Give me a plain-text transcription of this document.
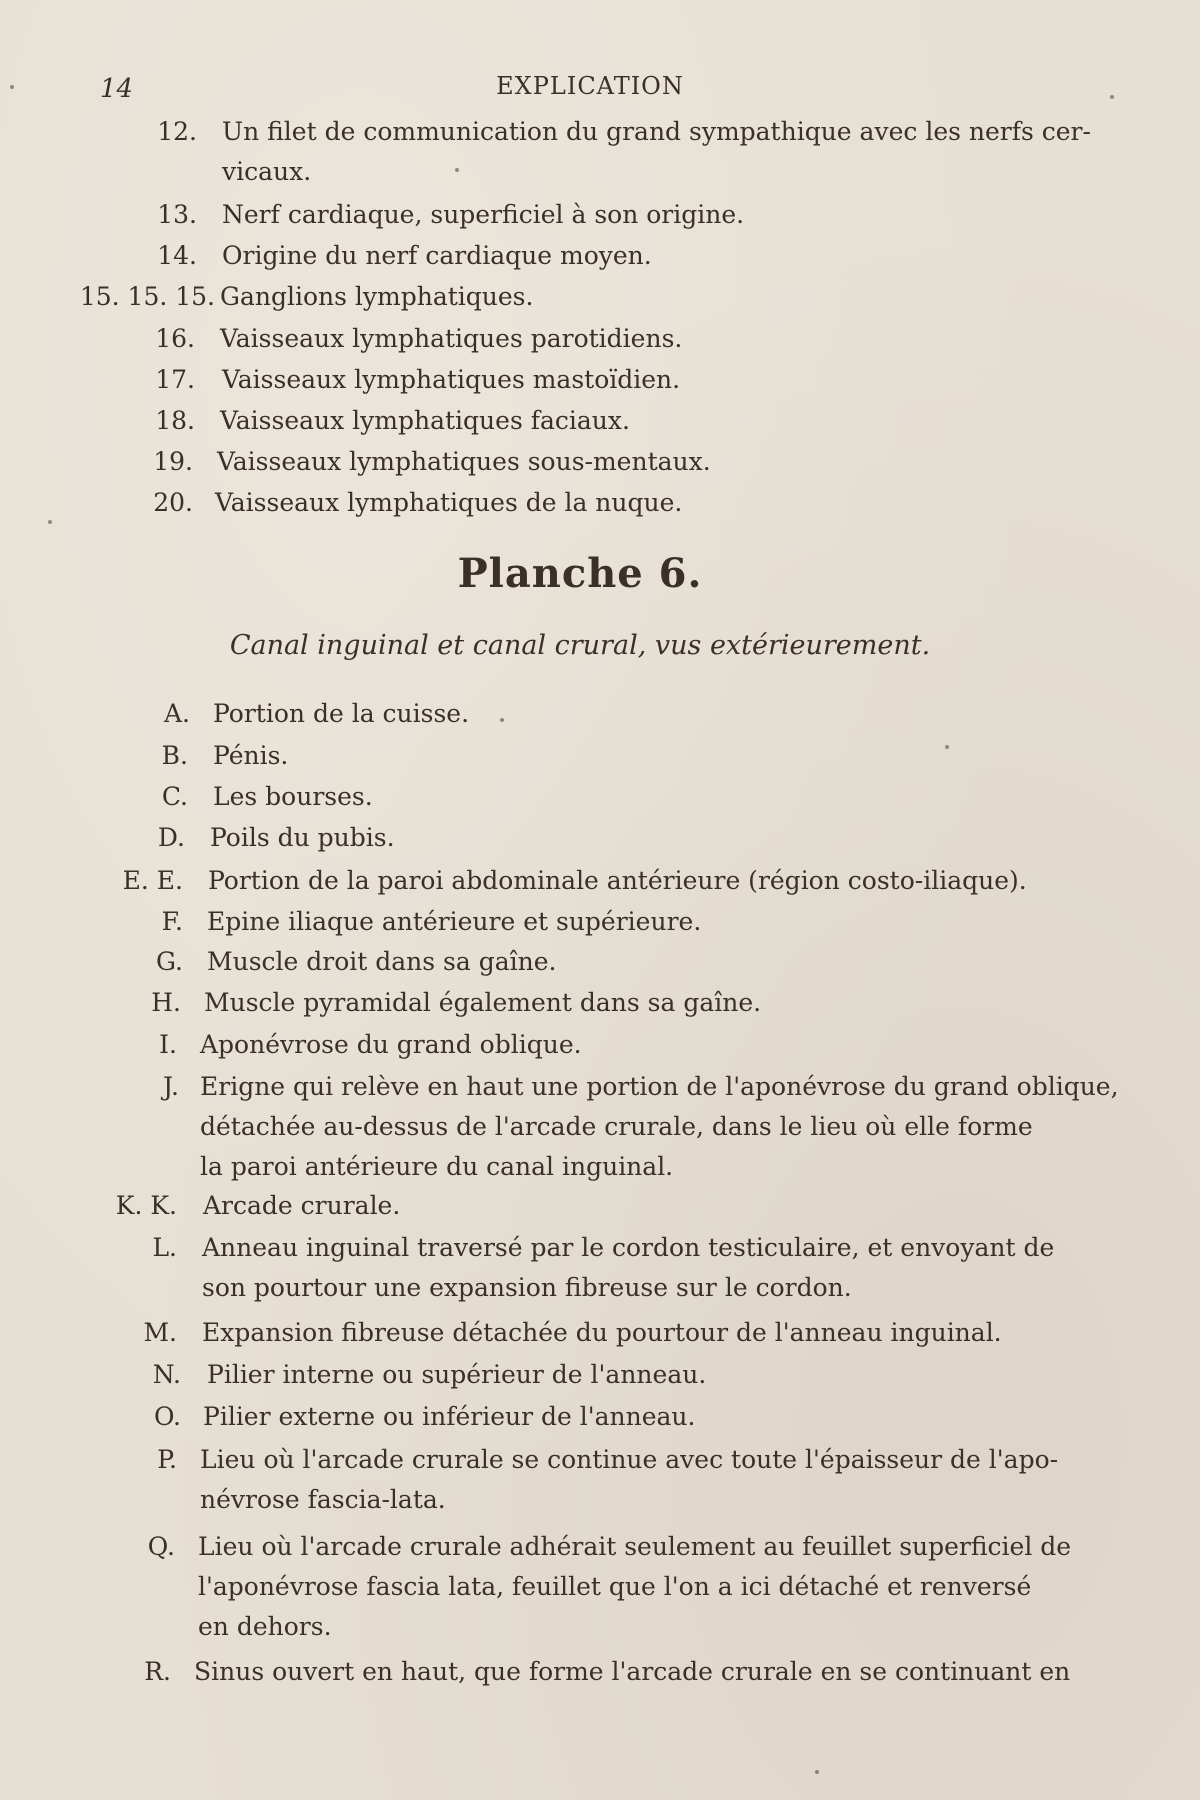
14	EXPLICATION
12. Un filet de communication du grand sympathique avec les nerfs cer-
vicaux.
13. Nerf cardiaque, superficiel à son origine.
14. Origine du nerf cardiaque moyen.
15. 15. 15. Ganglions lymphatiques.
16. Vaisseaux lymphatiques parotidiens.
17. Vaisseaux lymphatiques mastoïdien.
18. Vaisseaux lymphatiques faciaux.
19. Vaisseaux lymphatiques sous-mentaux.
20. Vaisseaux lymphatiques de la nuque.
Planche 6.
Canal inguinal et canal crural, vus extérieurement.
A. Portion de la cuisse.
B. Pénis.
C. Les bourses.
D. Poils du pubis.
E. E. Portion de la paroi abdominale antérieure (région costo-iliaque).
F. Epine iliaque antérieure et supérieure.
G. Muscle droit dans sa gaîne.
H. Muscle pyramidal également dans sa gaîne.
I. Aponévrose du grand oblique.
J. Erigne qui relève en haut une portion de l'aponévrose du grand oblique,
détachée au-dessus de l'arcade crurale, dans le lieu où elle forme
la paroi antérieure du canal inguinal.
K. K. Arcade crurale.
L. Anneau inguinal traversé par le cordon testiculaire, et envoyant de
son pourtour une expansion fibreuse sur le cordon.
M. Expansion fibreuse détachée du pourtour de l'anneau inguinal.
N. Pilier interne ou supérieur de l'anneau.
O. Pilier externe ou inférieur de l'anneau.
P. Lieu où l'arcade crurale se continue avec toute l'épaisseur de l'apo-
névrose fascia-lata.
Q. Lieu où l'arcade crurale adhérait seulement au feuillet superficiel de
l'aponévrose fascia lata, feuillet que l'on a ici détaché et renversé
en dehors.
R. Sinus ouvert en haut, que forme l'arcade crurale en se continuant en
